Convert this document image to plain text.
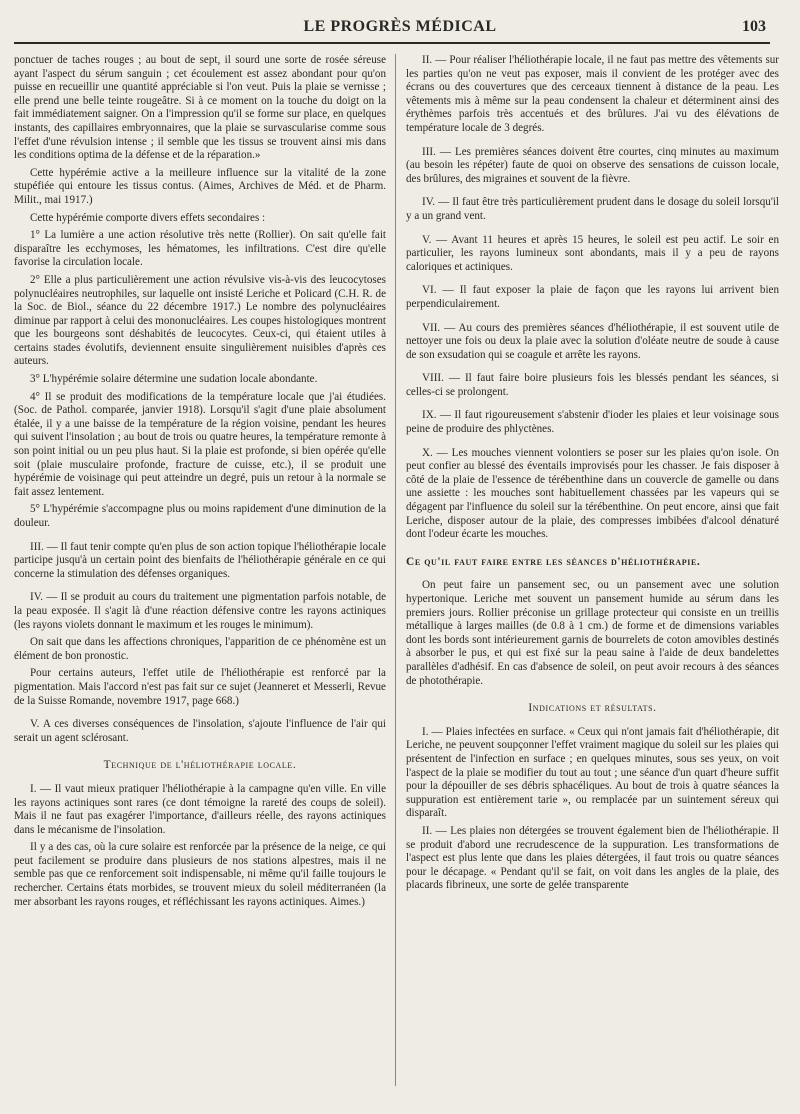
LE PROGRÈS MÉDICAL	103

ponctuer de taches rouges ; au bout de sept, il sourd une sorte de rosée séreuse ayant l'aspect du sérum sanguin ; cet écoulement est assez abondant pour qu'on puisse en recueillir une quantité appréciable si l'on veut. Puis la plaie se vernisse ; elle prend une belle teinte rougeâtre. Si à ce moment on la touche du doigt on la fait immédiatement saigner. On a l'impression qu'il se forme sur place, en quelques instants, des capillaires embryonnaires, que la plaie se survascularise comme sous l'effet d'une révulsion intense ; il semble que les tissus se trouvent ainsi mis dans les conditions optima de la défense et de la réparation.»

Cette hypérémie active a la meilleure influence sur la vitalité de la zone stupéfiée qui entoure les tissus contus. (Aimes, Archives de Méd. et de Pharm. Milit., mai 1917.)

Cette hypérémie comporte divers effets secondaires :

1° La lumière a une action résolutive très nette (Rollier). On sait qu'elle fait disparaître les ecchymoses, les hématomes, les infiltrations. C'est dire qu'elle favorise la circulation locale.

2° Elle a plus particulièrement une action révulsive vis-à-vis des leucocytoses polynucléaires neutrophiles, sur laquelle ont insisté Leriche et Policard (C.H. R. de la Soc. de Biol., séance du 22 décembre 1917.) Le nombre des polynucléaires diminue par rapport à celui des mononucléaires. Les coupes histologiques montrent que les bourgeons sont déshabités de leucocytes. Ceux-ci, qui étaient utiles à certains stades évolutifs, deviennent ensuite singulièrement nuisibles d'après ces auteurs.

3° L'hypérémie solaire détermine une sudation locale abondante.

4° Il se produit des modifications de la température locale que j'ai étudiées. (Soc. de Pathol. comparée, janvier 1918). Lorsqu'il s'agit d'une plaie absolument étalée, il y a une baisse de la température de la région voisine, pendant les heures qui suivent l'insolation ; au bout de trois ou quatre heures, la température remonte à son point initial ou un peu plus haut. Si la plaie est profonde, si bien opérée qu'elle soit (plaie musculaire profonde, fracture de cuisse, etc.), il se produit une hypérémie de voisinage qui peut atteindre un degré, puis un retour à la normale se fait assez lentement.

5° L'hypérémie s'accompagne plus ou moins rapidement d'une diminution de la douleur.

III. — Il faut tenir compte qu'en plus de son action topique l'héliothérapie locale participe jusqu'à un certain point des bienfaits de l'héliothérapie générale en ce qui concerne la stimulation des défenses organiques.

IV. — Il se produit au cours du traitement une pigmentation parfois notable, de la peau exposée. Il s'agit là d'une réaction défensive contre les rayons actiniques (les rayons violets donnant le maximum et les rouges le minimum).

On sait que dans les affections chroniques, l'apparition de ce phénomène est un élément de bon pronostic.

Pour certains auteurs, l'effet utile de l'héliothérapie est renforcé par la pigmentation. Mais l'accord n'est pas fait sur ce sujet (Jeanneret et Messerli, Revue de la Suisse Romande, novembre 1917, page 668.)

V. A ces diverses conséquences de l'insolation, s'ajoute l'influence de l'air qui serait un agent sclérosant.

Technique de l'héliothérapie locale.

I. — Il vaut mieux pratiquer l'héliothérapie à la campagne qu'en ville. En ville les rayons actiniques sont rares (ce dont témoigne la rareté des coups de soleil). Mais il ne faut pas exagérer l'importance, d'ailleurs réelle, des rayons actiniques dans le mécanisme de l'insolation.

Il y a des cas, où la cure solaire est renforcée par la présence de la neige, ce qui peut facilement se produire dans plusieurs de nos stations alpestres, mais il ne semble pas que ce renforcement soit indispensable, ni même qu'il faille toujours le rechercher. Certains états morbides, se trouvent mieux du soleil méditerranéen (la mer absorbant les rayons rouges, et réfléchissant les rayons actiniques. Aimes.)

II. — Pour réaliser l'héliothérapie locale, il ne faut pas mettre des vêtements sur les parties qu'on ne veut pas exposer, mais il convient de les protéger avec des écrans ou des couvertures que des cerceaux tiennent à distance de la peau. Les vêtements mis à même sur la peau condensent la chaleur et déterminent ainsi des érythèmes parfois très accentués et des brûlures. J'ai vu des élévations de température locale de 3 degrés.

III. — Les premières séances doivent être courtes, cinq minutes au maximum (au besoin les répéter) faute de quoi on observe des sensations de cuisson locale, des brûlures, des migraines et souvent de la fièvre.

IV. — Il faut être très particulièrement prudent dans le dosage du soleil lorsqu'il y a un grand vent.

V. — Avant 11 heures et après 15 heures, le soleil est peu actif. Le soir en particulier, les rayons lumineux sont abondants, mais il y a peu de rayons caloriques et actiniques.

VI. — Il faut exposer la plaie de façon que les rayons lui arrivent bien perpendiculairement.

VII. — Au cours des premières séances d'héliothérapie, il est souvent utile de nettoyer une fois ou deux la plaie avec la solution d'oléate neutre de soude à cause de son exsudation qui se coagule et arrête les rayons.

VIII. — Il faut faire boire plusieurs fois les blessés pendant les séances, si celles-ci se prolongent.

IX. — Il faut rigoureusement s'abstenir d'ioder les plaies et leur voisinage sous peine de produire des phlyctènes.

X. — Les mouches viennent volontiers se poser sur les plaies qu'on isole. On peut confier au blessé des éventails improvisés pour les chasser. Je fais disposer à côté de la plaie de l'essence de térébenthine dans un couvercle de gamelle ou dans une assiette : les mouches sont habituellement chassées par les vapeurs qui se dégagent par l'influence du soleil sur la térébenthine. On peut encore, ainsi que fait Leriche, disposer autour de la plaie, des compresses imbibées d'alcool dénaturé dont l'odeur écarte les mouches.

Ce qu'il faut faire entre les séances d'héliothérapie.

On peut faire un pansement sec, ou un pansement avec une solution hypertonique. Leriche met souvent un pansement humide au sérum dans les premiers jours. Rollier préconise un grillage protecteur qui consiste en un treillis métallique à larges mailles (de 0.8 à 1 cm.) de forme et de dimensions variables dont les bords sont intérieurement garnis de bourrelets de coton amovibles destinés à absorber le pus, et qui est fixé sur la peau saine à l'aide de deux bandelettes parallèles d'adhésif. En cas d'absence de soleil, on peut avoir recours à des séances de photothérapie.

Indications et résultats.

I. — Plaies infectées en surface. « Ceux qui n'ont jamais fait d'héliothérapie, dit Leriche, ne peuvent soupçonner l'effet vraiment magique du soleil sur les plaies qui présentent de l'infection en surface ; en quelques minutes, sous ses yeux, on voit l'aspect de la plaie se modifier du tout au tout ; une séance d'un quart d'heure suffit pour la dépouiller de ses débris sphacéliques. Au bout de trois à quatre séances la suppuration est entièrement tarie », ou remplacée par un suintement séreux qui disparaît.

II. — Les plaies non détergées se trouvent également bien de l'héliothérapie. Il se produit d'abord une recrudescence de la suppuration. Les transformations de l'aspect est plus lente que dans les plaies détergées, il faut trois ou quatre séances pour le décapage. « Pendant qu'il se fait, on voit dans les angles de la plaie, des placards fibrineux, une sorte de gelée transparente
